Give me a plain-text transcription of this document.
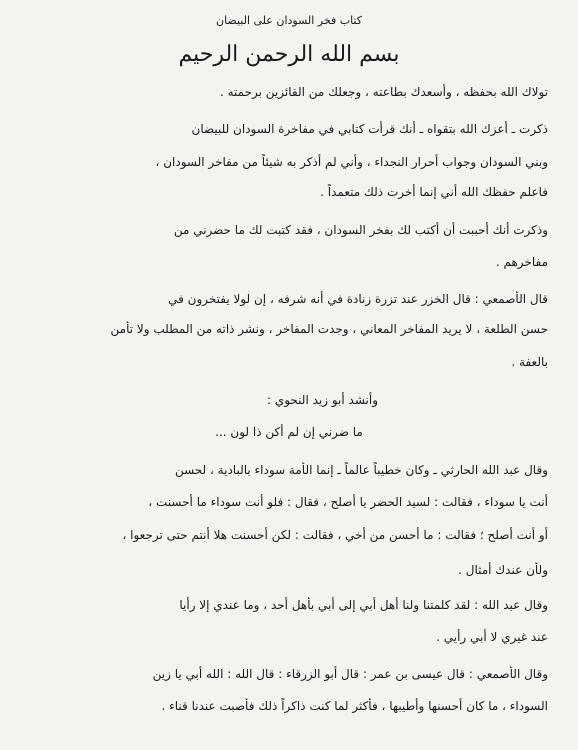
كتاب فخر السودان على البيضان
بسم الله الرحمن الرحيم
تولاك الله بحفظه ، وأسعدك بطاعته ، وجعلك من الفائزين برحمته .
ذكرت ـ أعزك الله بتقواه ـ أنك قرأت كتابي في مفاخرة السودان للبيضان
وبني السودان وجواب أحرار النجداء ، وأني لم أذكر به شيئاً من مفاخر السودان ،
فاعلم حفظك الله أني إنما أخرت ذلك متعمداً .
وذكرت أنك أحببت أن أكتب لك بفخر السودان ، فقد كتبت لك ما حضرني من
مفاخرهم .
قال الأصمعي : قال الخزر عند تزرة زنادة في أنه شرفه ، إن لولا يفتخرون في
حسن الطلعة ، لا يريد المفاخر المعاني ، وجدت المفاخر ، ونشر ذاته من المطلب ولا تأمن
بالعفة .
وأنشد أبو زيد النحوي :
ما ضرني إن لم أكن ذا لون ...
وقال عبد الله الحارثي ـ وكان خطيباً عالماً ـ إنما الأمة سوداء بالبادية ، لحسن
أنت يا سوداء ، فقالت : لسيد الحضر يا أصلح ، فقال : فلو أنت سوداء ما أحسنت ،
أو أنت أصلح ؛ فقالت : ما أحسن من أخي ، فقالت : لكن أحسنت هلا أنتم حتى ترجعوا ،
ولأن عندك أمثال .
وقال عبد الله : لقد كلمتنا ولنا أهل أبي إلى أبي بأهل أحد ، وما عندي إلا رأيا
عند غيري لا أبي رأيي .
وقال الأصمعي : قال عيسى بن عمر : قال أبو الزرقاء : قال الله : الله أبي يا زين
السوداء ، ما كان أحسنها وأطيبها ، فأكثر لما كنت ذاكراً ذلك فأصبت عندنا قناء .
